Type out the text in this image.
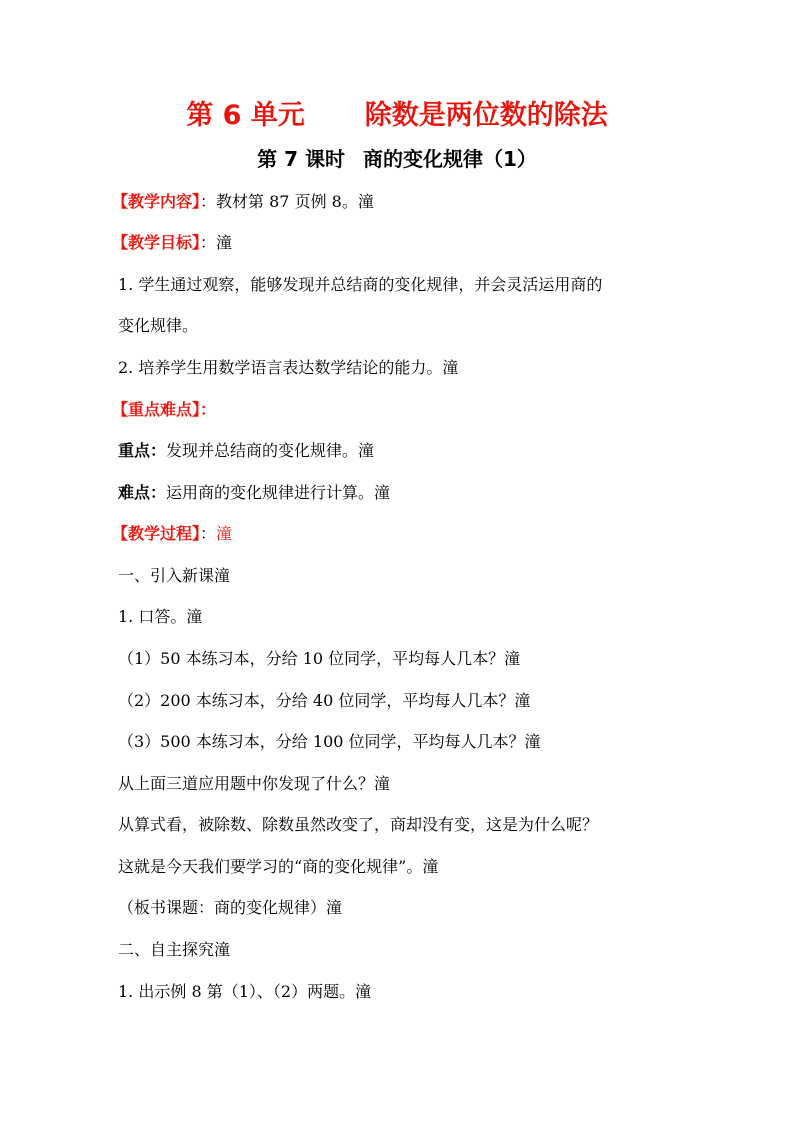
第 6 单元 除数是两位数的除法
第 7 课时 商的变化规律（1）
【教学内容】：教材第 87 页例 8。潼
【教学目标】：潼
1. 学生通过观察，能够发现并总结商的变化规律，并会灵活运用商的
变化规律。
2. 培养学生用数学语言表达数学结论的能力。潼
【重点难点】：
重点：发现并总结商的变化规律。潼
难点：运用商的变化规律进行计算。潼
【教学过程】：潼
一、引入新课潼
1. 口答。潼
（1）50 本练习本，分给 10 位同学，平均每人几本？潼
（2）200 本练习本，分给 40 位同学，平均每人几本？潼
（3）500 本练习本，分给 100 位同学，平均每人几本？潼
从上面三道应用题中你发现了什么？潼
从算式看，被除数、除数虽然改变了，商却没有变，这是为什么呢？
这就是今天我们要学习的“商的变化规律”。潼
（板书课题：商的变化规律）潼
二、自主探究潼
1. 出示例 8 第（1）、（2）两题。潼
